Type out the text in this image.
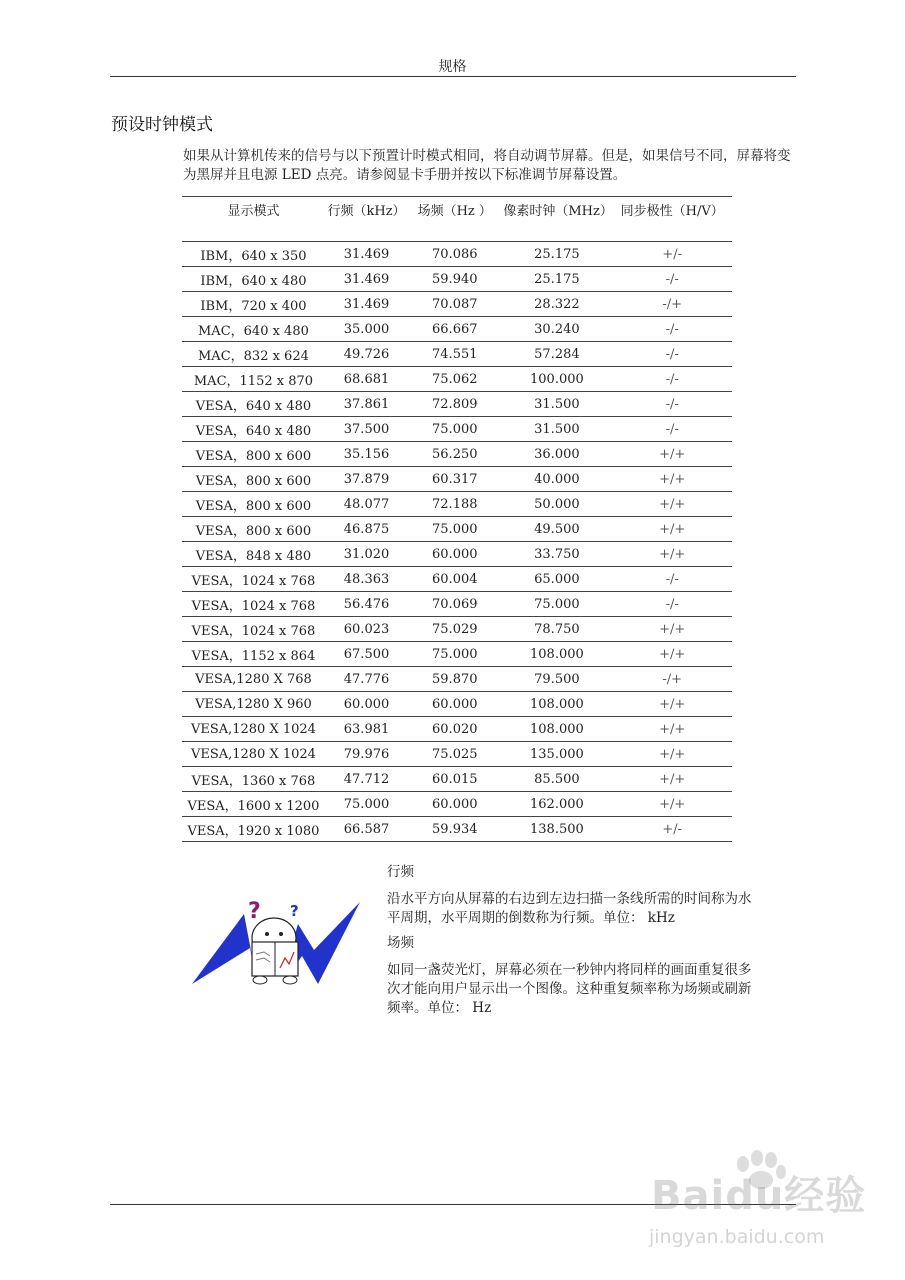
规格
预设时钟模式
如果从计算机传来的信号与以下预置计时模式相同，将自动调节屏幕。但是，如果信号不同，屏幕将变为黑屏并且电源 LED 点亮。请参阅显卡手册并按以下标准调节屏幕设置。
显示模式	行频（kHz）	场频（Hz ）	像素时钟（MHz）	同步极性（H/V）
IBM，640 x 350	31.469	70.086	25.175	+/-
IBM，640 x 480	31.469	59.940	25.175	-/-
IBM，720 x 400	31.469	70.087	28.322	-/+
MAC，640 x 480	35.000	66.667	30.240	-/-
MAC，832 x 624	49.726	74.551	57.284	-/-
MAC，1152 x 870	68.681	75.062	100.000	-/-
VESA，640 x 480	37.861	72.809	31.500	-/-
VESA，640 x 480	37.500	75.000	31.500	-/-
VESA，800 x 600	35.156	56.250	36.000	+/+
VESA，800 x 600	37.879	60.317	40.000	+/+
VESA，800 x 600	48.077	72.188	50.000	+/+
VESA，800 x 600	46.875	75.000	49.500	+/+
VESA，848 x 480	31.020	60.000	33.750	+/+
VESA，1024 x 768	48.363	60.004	65.000	-/-
VESA，1024 x 768	56.476	70.069	75.000	-/-
VESA，1024 x 768	60.023	75.029	78.750	+/+
VESA，1152 x 864	67.500	75.000	108.000	+/+
VESA,1280 X 768	47.776	59.870	79.500	-/+
VESA,1280 X 960	60.000	60.000	108.000	+/+
VESA,1280 X 1024	63.981	60.020	108.000	+/+
VESA,1280 X 1024	79.976	75.025	135.000	+/+
VESA，1360 x 768	47.712	60.015	85.500	+/+
VESA，1600 x 1200	75.000	60.000	162.000	+/+
VESA，1920 x 1080	66.587	59.934	138.500	+/-
? ?
行频
沿水平方向从屏幕的右边到左边扫描一条线所需的时间称为水平周期，水平周期的倒数称为行频。单位： kHz
场频
如同一盏荧光灯，屏幕必须在一秒钟内将同样的画面重复很多次才能向用户显示出一个图像。这种重复频率称为场频或刷新频率。单位： Hz
Baidu经验
jingyan.baidu.com
